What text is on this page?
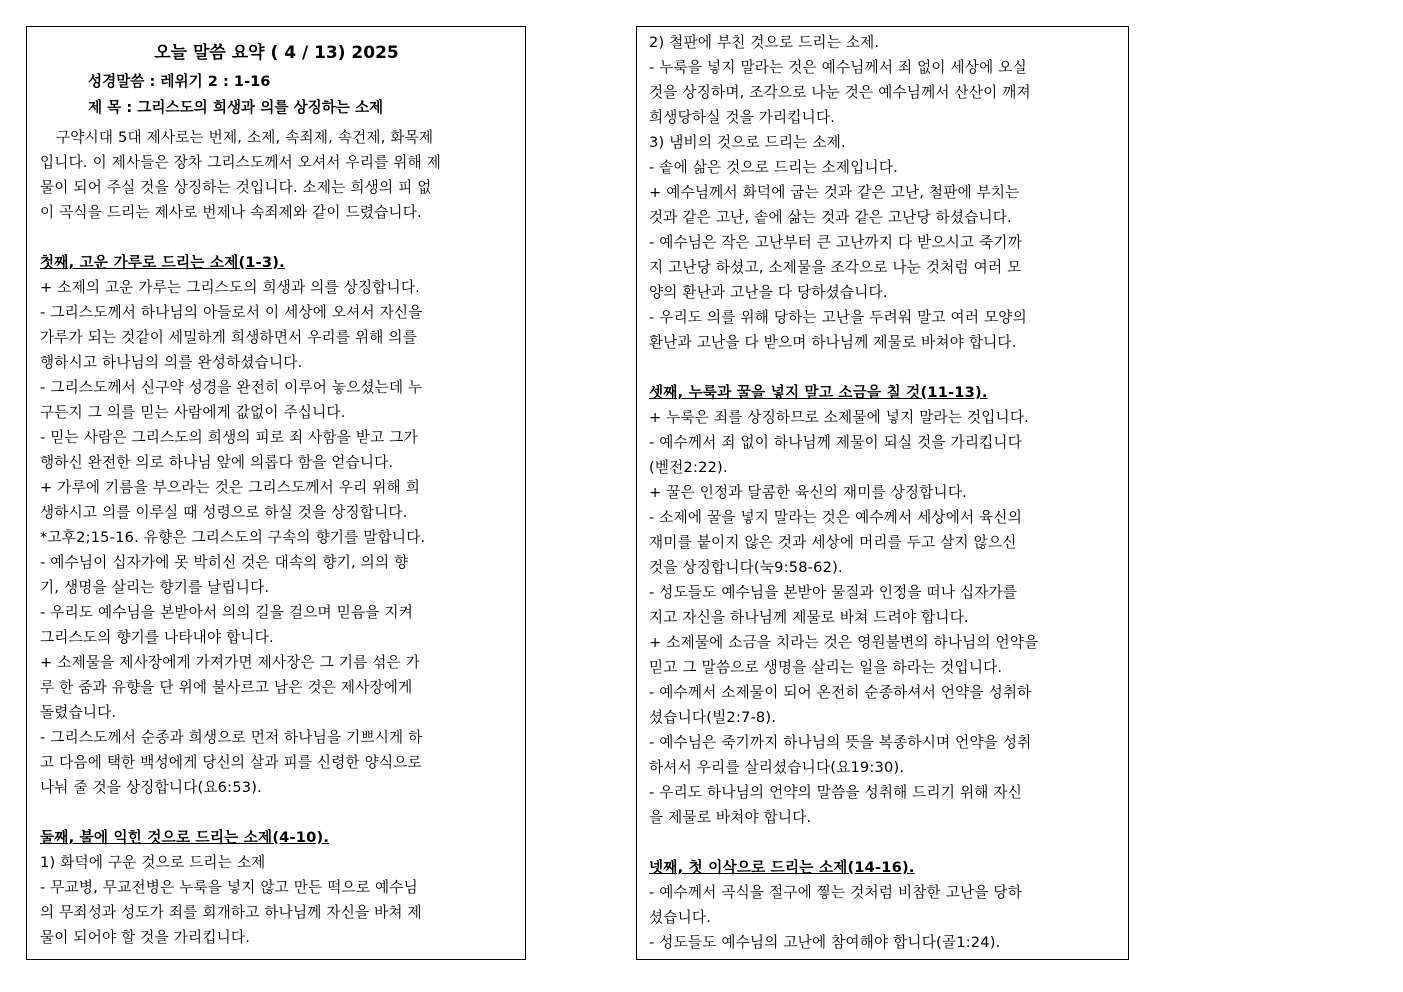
오늘 말씀 요약 ( 4 / 13) 2025
성경말씀 : 레위기 2 : 1-16
제 목 : 그리스도의 희생과 의를 상징하는 소제
구약시대 5대 제사로는 번제, 소제, 속죄제, 속건제, 화목제
입니다. 이 제사들은 장차 그리스도께서 오셔서 우리를 위해 제
물이 되어 주실 것을 상징하는 것입니다. 소제는 희생의 피 없
이 곡식을 드리는 제사로 번제나 속죄제와 같이 드렸습니다.
첫째, 고운 가루로 드리는 소제(1-3).
+ 소제의 고운 가루는 그리스도의 희생과 의를 상징합니다.
- 그리스도께서 하나님의 아들로서 이 세상에 오셔서 자신을
가루가 되는 것같이 세밀하게 희생하면서 우리를 위해 의를
행하시고 하나님의 의를 완성하셨습니다.
- 그리스도께서 신구약 성경을 완전히 이루어 놓으셨는데 누
구든지 그 의를 믿는 사람에게 값없이 주십니다.
- 믿는 사람은 그리스도의 희생의 피로 죄 사함을 받고 그가
행하신 완전한 의로 하나님 앞에 의롭다 함을 얻습니다.
+ 가루에 기름을 부으라는 것은 그리스도께서 우리 위해 희
생하시고 의를 이루실 때 성령으로 하실 것을 상징합니다.
*고후2;15-16. 유향은 그리스도의 구속의 향기를 말합니다.
- 예수님이 십자가에 못 박히신 것은 대속의 향기, 의의 향
기, 생명을 살리는 향기를 날립니다.
- 우리도 예수님을 본받아서 의의 길을 걸으며 믿음을 지켜
그리스도의 향기를 나타내야 합니다.
+ 소제물을 제사장에게 가져가면 제사장은 그 기름 섞은 가
루 한 줌과 유향을 단 위에 불사르고 남은 것은 제사장에게
돌렸습니다.
- 그리스도께서 순종과 희생으로 먼저 하나님을 기쁘시게 하
고 다음에 택한 백성에게 당신의 살과 피를 신령한 양식으로
나눠 줄 것을 상징합니다(요6:53).
둘째, 불에 익힌 것으로 드리는 소제(4-10).
1) 화덕에 구운 것으로 드리는 소제
- 무교병, 무교전병은 누룩을 넣지 않고 만든 떡으로 예수님
의 무죄성과 성도가 죄를 회개하고 하나님께 자신을 바쳐 제
물이 되어야 할 것을 가리킵니다.
2) 철판에 부친 것으로 드리는 소제.
- 누룩을 넣지 말라는 것은 예수님께서 죄 없이 세상에 오실
것을 상징하며, 조각으로 나눈 것은 예수님께서 산산이 깨져
희생당하실 것을 가리킵니다.
3) 냄비의 것으로 드리는 소제.
- 솥에 삶은 것으로 드리는 소제입니다.
+ 예수님께서 화덕에 굽는 것과 같은 고난, 철판에 부치는
것과 같은 고난, 솥에 삶는 것과 같은 고난당 하셨습니다.
- 예수님은 작은 고난부터 큰 고난까지 다 받으시고 죽기까
지 고난당 하셨고, 소제물을 조각으로 나눈 것처럼 여러 모
양의 환난과 고난을 다 당하셨습니다.
- 우리도 의를 위해 당하는 고난을 두려워 말고 여러 모양의
환난과 고난을 다 받으며 하나님께 제물로 바쳐야 합니다.
셋째, 누룩과 꿀을 넣지 말고 소금을 칠 것(11-13).
+ 누룩은 죄를 상징하므로 소제물에 넣지 말라는 것입니다.
- 예수께서 죄 없이 하나님께 제물이 되실 것을 가리킵니다
(벧전2:22).
+ 꿀은 인정과 달콤한 육신의 재미를 상징합니다.
- 소제에 꿀을 넣지 말라는 것은 예수께서 세상에서 육신의
재미를 붙이지 않은 것과 세상에 머리를 두고 살지 않으신
것을 상징합니다(눅9:58-62).
- 성도들도 예수님을 본받아 물질과 인정을 떠나 십자가를
지고 자신을 하나님께 제물로 바쳐 드려야 합니다.
+ 소제물에 소금을 치라는 것은 영원불변의 하나님의 언약을
믿고 그 말씀으로 생명을 살리는 일을 하라는 것입니다.
- 예수께서 소제물이 되어 온전히 순종하셔서 언약을 성취하
셨습니다(빌2:7-8).
- 예수님은 죽기까지 하나님의 뜻을 복종하시며 언약을 성취
하셔서 우리를 살리셨습니다(요19:30).
- 우리도 하나님의 언약의 말씀을 성취해 드리기 위해 자신
을 제물로 바쳐야 합니다.
넷째, 첫 이삭으로 드리는 소제(14-16).
- 예수께서 곡식을 절구에 찧는 것처럼 비참한 고난을 당하
셨습니다.
- 성도들도 예수님의 고난에 참여해야 합니다(골1:24).
